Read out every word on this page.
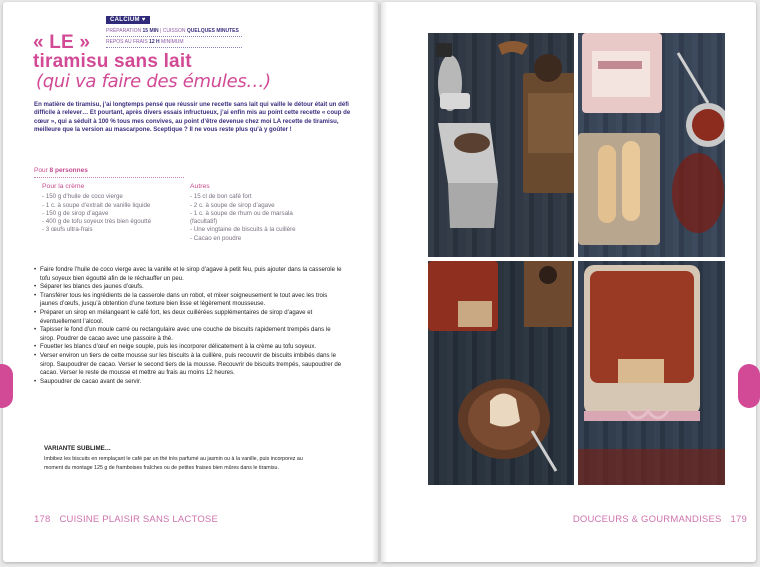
CALCIUM ♥
PRÉPARATION 15 MIN | CUISSON QUELQUES MINUTES
REPOS AU FRAIS 12 H MINIMUM
« LE »
tiramisu sans lait
(qui va faire des émules…)
En matière de tiramisu, j’ai longtemps pensé que réussir une recette sans lait qui vaille le détour était un défi difficile à relever… Et pourtant, après divers essais infructueux, j’ai enfin mis au point cette recette « coup de cœur », qui a séduit à 100 % tous mes convives, au point d’être devenue chez moi LA recette de tiramisu, meilleure que la version au mascarpone. Sceptique ? Il ne vous reste plus qu’à y goûter !
Pour 8 personnes
Pour la crème
- 150 g d’huile de coco vierge
- 1 c. à soupe d’extrait de vanille liquide
- 150 g de sirop d’agave
- 400 g de tofu soyeux très bien égoutté
- 3 œufs ultra-frais
Autres
- 15 cl de bon café fort
- 2 c. à soupe de sirop d’agave
- 1 c. à soupe de rhum ou de marsala
(facultatif)
- Une vingtaine de biscuits à la cuillère
- Cacao en poudre
• Faire fondre l’huile de coco vierge avec la vanille et le sirop d’agave à petit feu, puis ajouter dans la casserole le tofu soyeux bien égoutté afin de le réchauffer un peu.
• Séparer les blancs des jaunes d’œufs.
• Transférer tous les ingrédients de la casserole dans un robot, et mixer soigneusement le tout avec les trois jaunes d’œufs, jusqu’à obtention d’une texture bien lisse et légèrement mousseuse.
• Préparer un sirop en mélangeant le café fort, les deux cuillérées supplémentaires de sirop d’agave et éventuellement l’alcool.
• Tapisser le fond d’un moule carré ou rectangulaire avec une couche de biscuits rapidement trempés dans le sirop. Poudrer de cacao avec une passoire à thé.
• Fouetter les blancs d’œuf en neige souple, puis les incorporer délicatement à la crème au tofu soyeux.
• Verser environ un tiers de cette mousse sur les biscuits à la cuillère, puis recouvrir de biscuits imbibés dans le sirop. Saupoudrer de cacao. Verser le second tiers de la mousse. Recouvrir de biscuits trempés, saupoudrer de cacao. Verser le reste de mousse et mettre au frais au moins 12 heures.
• Saupoudrer de cacao avant de servir.
VARIANTE SUBLIME…
Imbibez les biscuits en remplaçant le café par un thé très parfumé au jasmin ou à la vanille, puis incorporez au moment du montage 125 g de framboises fraîches ou de petites fraises bien mûres dans le tiramisu.
178 CUISINE PLAISIR SANS LACTOSE	DOUCEURS & GOURMANDISES 179
